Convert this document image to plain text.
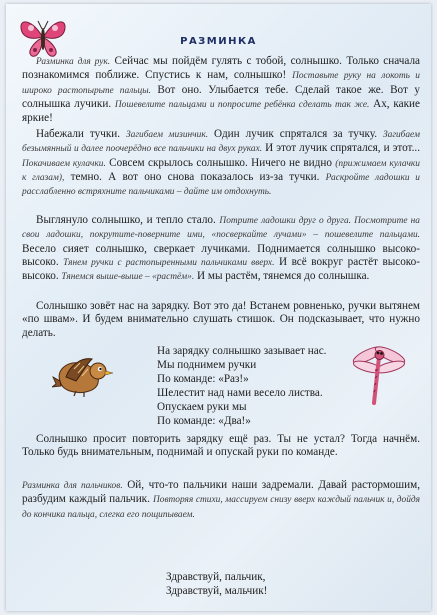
РАЗМИНКА

Разминка для рук. Сейчас мы пойдём гулять с тобой, солнышко. Только сначала познакомимся поближе. Спустись к нам, солнышко! Поставьте руку на локоть и широко растопырьте пальцы. Вот оно. Улыбается тебе. Сделай такое же. Вот у солнышка лучики. Пошевелите пальцами и попросите ребёнка сделать так же. Ах, какие яркие!

Набежали тучки. Загибаем мизинчик. Один лучик спрятался за тучку. Загибаем безымянный и далее поочерёдно все пальчики на двух руках. И этот лучик спрятался, и этот... Покачиваем кулачки. Совсем скрылось солнышко. Ничего не видно (прижимаем кулачки к глазам), темно. А вот оно снова показалось из-за тучки. Раскройте ладошки и расслабленно встряхните пальчиками – дайте им отдохнуть.

Выглянуло солнышко, и тепло стало. Потрите ладошки друг о друга. Посмотрите на свои ладошки, покрутите-поверните ими, «посверкайте лучами» – пошевелите пальцами. Весело сияет солнышко, сверкает лучиками. Поднимается солнышко высоко-высоко. Тянем ручки с растопыренными пальчиками вверх. И всё вокруг растёт высоко-высоко. Тянемся выше-выше – «растём». И мы растём, тянемся до солнышка.

Солнышко зовёт нас на зарядку. Вот это да! Встанем ровненько, ручки вытянем «по швам». И будем внимательно слушать стишок. Он подсказывает, что нужно делать.

На зарядку солнышко зазывает нас.
Мы поднимем ручки
По команде: «Раз!»
Шелестит над нами весело листва.
Опускаем руки мы
По команде: «Два!»

Солнышко просит повторить зарядку ещё раз. Ты не устал? Тогда начнём. Только будь внимательным, поднимай и опускай руки по команде.

Разминка для пальчиков. Ой, что-то пальчики наши задремали. Давай растормошим, разбудим каждый пальчик. Повторяя стихи, массируем снизу вверх каждый пальчик и, дойдя до кончика пальца, слегка его пощипываем.

Здравствуй, пальчик,
Здравствуй, мальчик!
